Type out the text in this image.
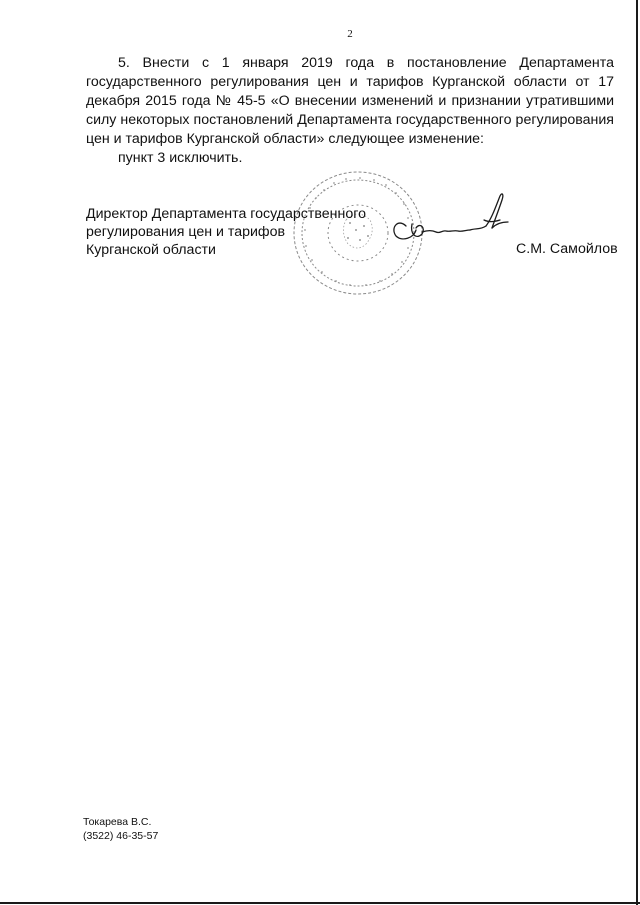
2

5. Внести с 1 января 2019 года в постановление Департамента государственного регулирования цен и тарифов Курганской области от 17 декабря 2015 года № 45-5 «О внесении изменений и признании утратившими силу некоторых постановлений Департамента государственного регулирования цен и тарифов Курганской области» следующее изменение:

пункт 3 исключить.

Директор Департамента государственного
регулирования цен и тарифов
Курганской области	С.М. Самойлов
Токарева В.С.
(3522) 46-35-57
